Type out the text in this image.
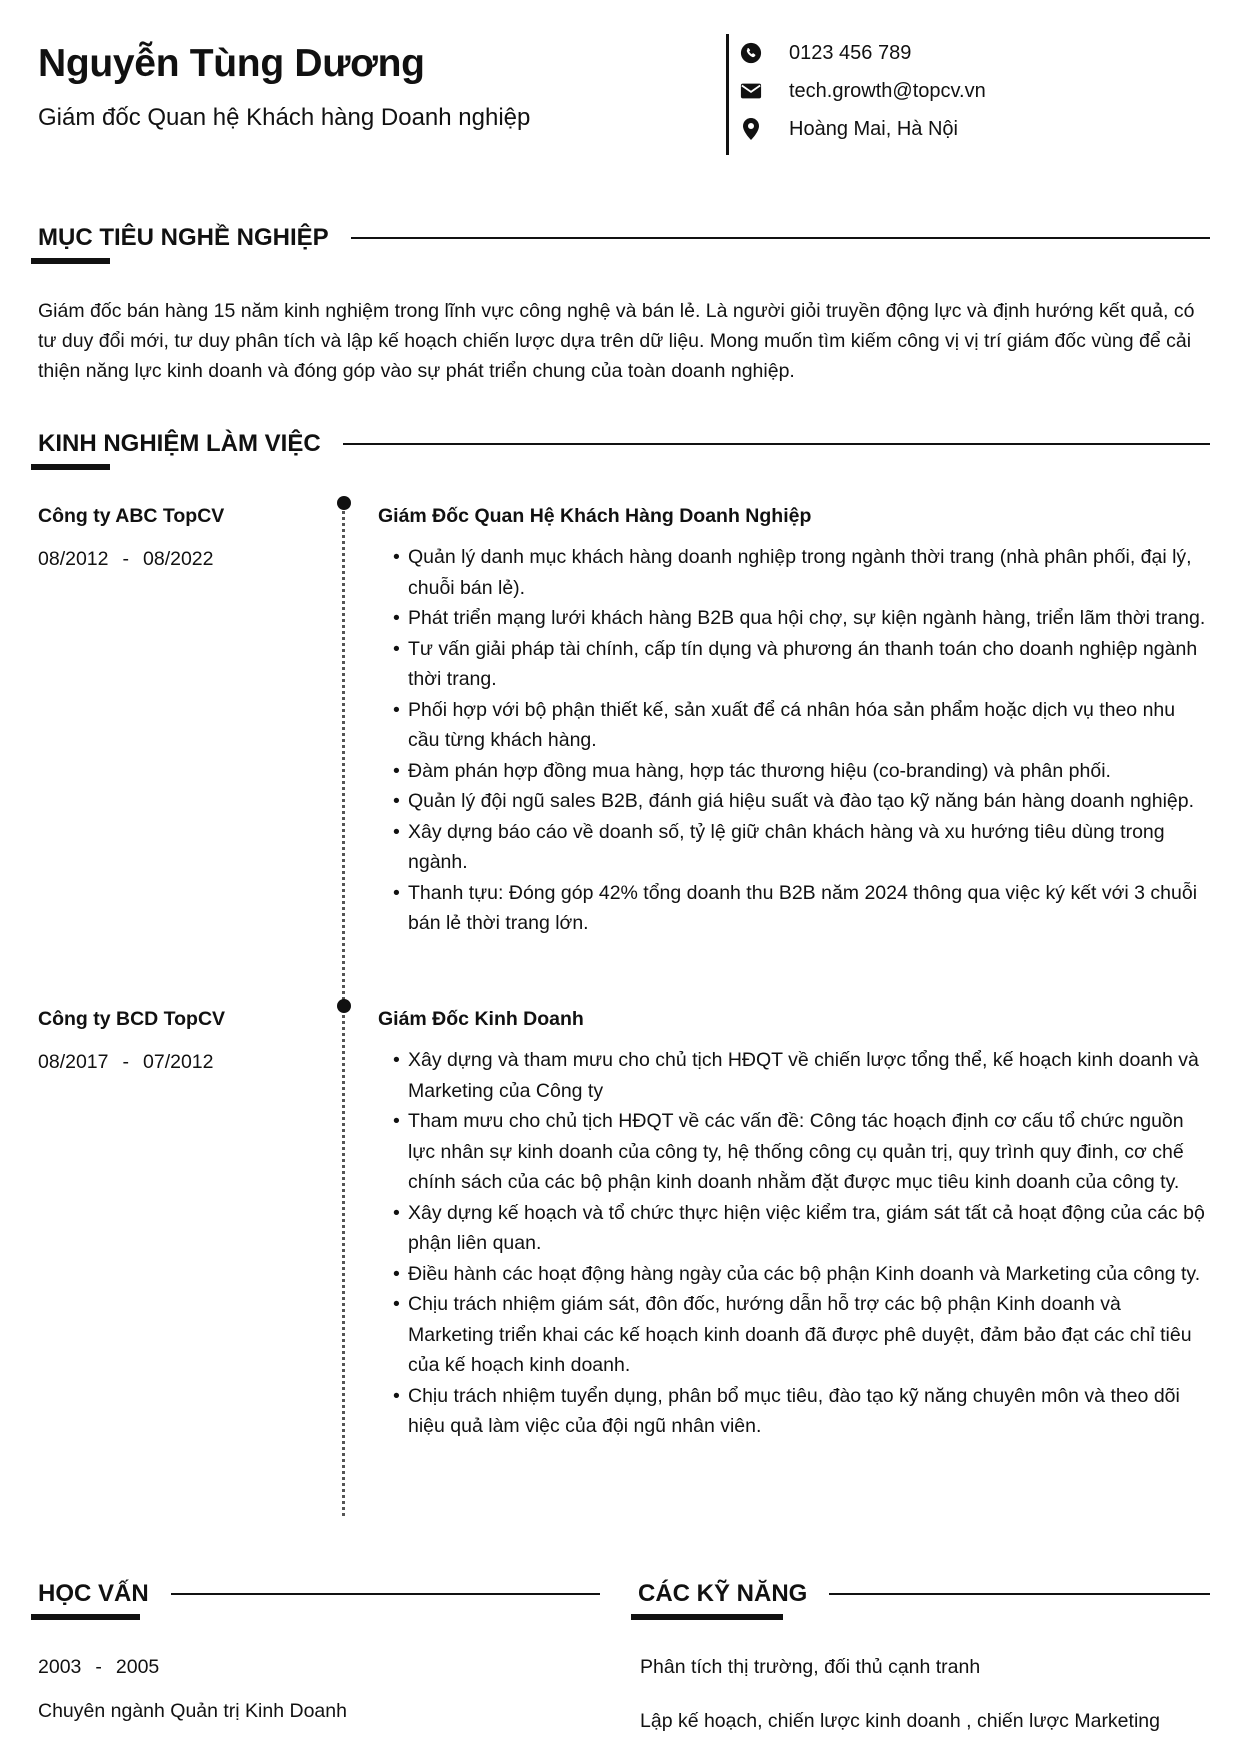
Nguyễn Tùng Dương
Giám đốc Quan hệ Khách hàng Doanh nghiệp
0123 456 789
tech.growth@topcv.vn
Hoàng Mai, Hà Nội
MỤC TIÊU NGHỀ NGHIỆP
Giám đốc bán hàng 15 năm kinh nghiệm trong lĩnh vực công nghệ và bán lẻ. Là người giỏi truyền động lực và định hướng kết quả, có tư duy đổi mới, tư duy phân tích và lập kế hoạch chiến lược dựa trên dữ liệu. Mong muốn tìm kiếm công vị vị trí giám đốc vùng để cải thiện năng lực kinh doanh và đóng góp vào sự phát triển chung của toàn doanh nghiệp.
KINH NGHIỆM LÀM VIỆC
Công ty ABC TopCV
08/2012 - 08/2022
Giám Đốc Quan Hệ Khách Hàng Doanh Nghiệp
• Quản lý danh mục khách hàng doanh nghiệp trong ngành thời trang (nhà phân phối, đại lý, chuỗi bán lẻ).
• Phát triển mạng lưới khách hàng B2B qua hội chợ, sự kiện ngành hàng, triển lãm thời trang.
• Tư vấn giải pháp tài chính, cấp tín dụng và phương án thanh toán cho doanh nghiệp ngành thời trang.
• Phối hợp với bộ phận thiết kế, sản xuất để cá nhân hóa sản phẩm hoặc dịch vụ theo nhu cầu từng khách hàng.
• Đàm phán hợp đồng mua hàng, hợp tác thương hiệu (co-branding) và phân phối.
• Quản lý đội ngũ sales B2B, đánh giá hiệu suất và đào tạo kỹ năng bán hàng doanh nghiệp.
• Xây dựng báo cáo về doanh số, tỷ lệ giữ chân khách hàng và xu hướng tiêu dùng trong ngành.
• Thanh tựu: Đóng góp 42% tổng doanh thu B2B năm 2024 thông qua việc ký kết với 3 chuỗi bán lẻ thời trang lớn.
Công ty BCD TopCV
08/2017 - 07/2012
Giám Đốc Kinh Doanh
• Xây dựng và tham mưu cho chủ tịch HĐQT về chiến lược tổng thể, kế hoạch kinh doanh và Marketing của Công ty
• Tham mưu cho chủ tịch HĐQT về các vấn đề: Công tác hoạch định cơ cấu tổ chức nguồn lực nhân sự kinh doanh của công ty, hệ thống công cụ quản trị, quy trình quy đinh, cơ chế chính sách của các bộ phận kinh doanh nhằm đặt được mục tiêu kinh doanh của công ty.
• Xây dựng kế hoạch và tổ chức thực hiện việc kiểm tra, giám sát tất cả hoạt động của các bộ phận liên quan.
• Điều hành các hoạt động hàng ngày của các bộ phận Kinh doanh và Marketing của công ty.
• Chịu trách nhiệm giám sát, đôn đốc, hướng dẫn hỗ trợ các bộ phận Kinh doanh và Marketing triển khai các kế hoạch kinh doanh đã được phê duyệt, đảm bảo đạt các chỉ tiêu của kế hoạch kinh doanh.
• Chịu trách nhiệm tuyển dụng, phân bổ mục tiêu, đào tạo kỹ năng chuyên môn và theo dõi hiệu quả làm việc của đội ngũ nhân viên.
HỌC VẤN
2003 - 2005
Chuyên ngành Quản trị Kinh Doanh
CÁC KỸ NĂNG
Phân tích thị trường, đối thủ cạnh tranh
Lập kế hoạch, chiến lược kinh doanh , chiến lược Marketing
